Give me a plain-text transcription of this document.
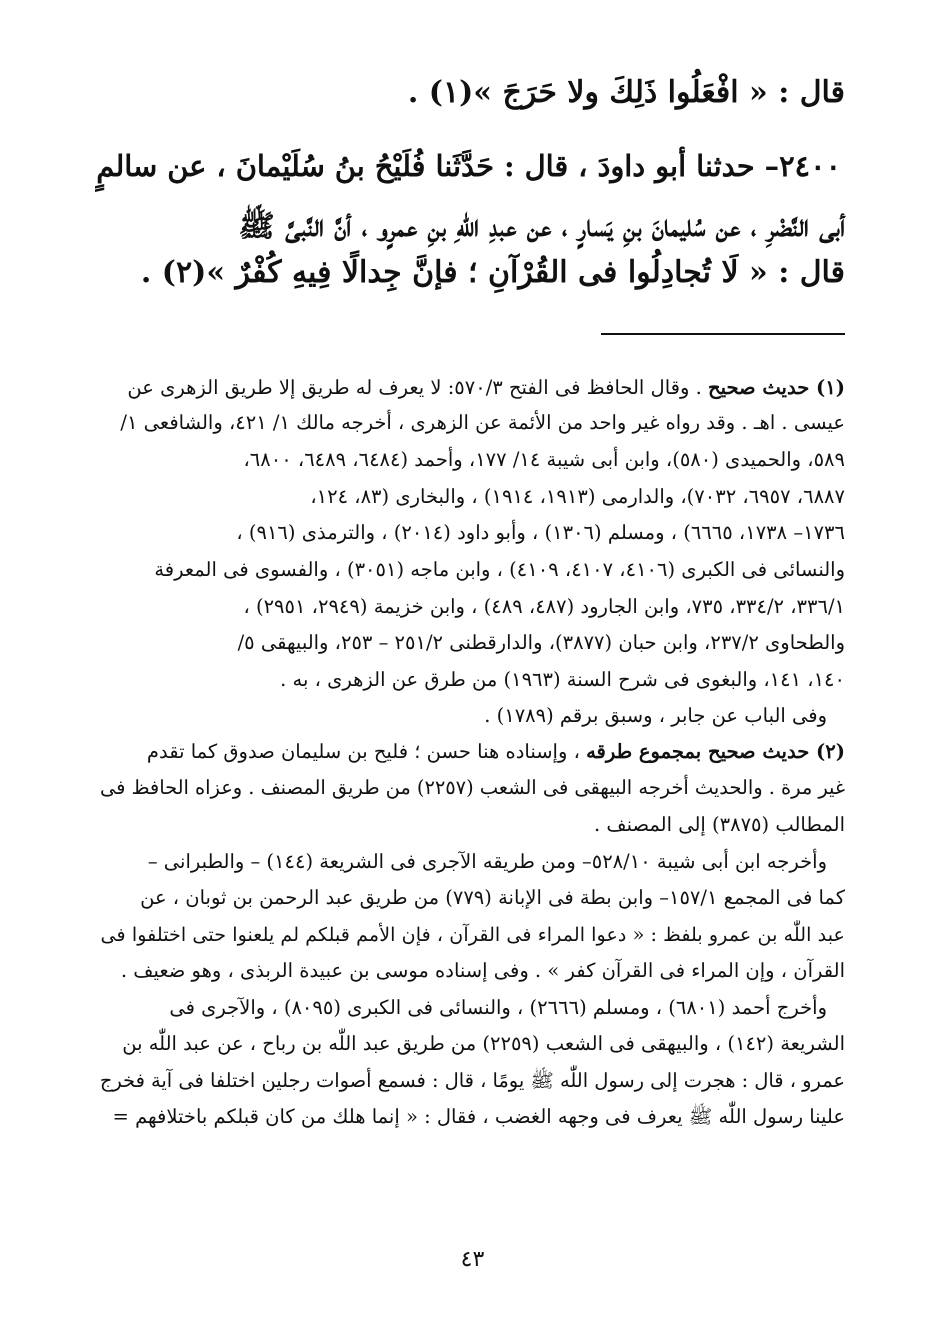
قال : « افْعَلُوا ذَلِكَ ولا حَرَجَ »(١) .
٢٤٠٠– حدثنا أبو داودَ ، قال : حَدَّثَنا فُلَيْحُ بنُ سُلَيْمانَ ، عن سالمٍ
أبى النَّضْرِ ، عن سُليمانَ بنِ يَسارٍ ، عن عبدِ اللّٰهِ بنِ عمرٍو ، أنَّ النَّبىَّ ﷺ
قال : « لَا تُجادِلُوا فى القُرْآنِ ؛ فإنَّ جِدالًا فِيهِ كُفْرٌ »(٢) .
(١) حديث صحيح . وقال الحافظ فى الفتح ٥٧٠/٣: لا يعرف له طريق إلا طريق الزهرى عن
عيسى . اهـ . وقد رواه غير واحد من الأئمة عن الزهرى ، أخرجه مالك ١/ ٤٢١، والشافعى ١/
٥٨٩، والحميدى (٥٨٠)، وابن أبى شيبة ١٤/ ١٧٧، وأحمد (٦٤٨٤، ٦٤٨٩، ٦٨٠٠،
٦٨٨٧، ٦٩٥٧، ٧٠٣٢)، والدارمى (١٩١٣، ١٩١٤) ، والبخارى (٨٣، ١٢٤،
١٧٣٦– ١٧٣٨، ٦٦٦٥) ، ومسلم (١٣٠٦) ، وأبو داود (٢٠١٤) ، والترمذى (٩١٦) ،
والنسائى فى الكبرى (٤١٠٦، ٤١٠٧، ٤١٠٩) ، وابن ماجه (٣٠٥١) ، والفسوى فى المعرفة
٣٣٦/١، ٣٣٤/٢، ٧٣٥، وابن الجارود (٤٨٧، ٤٨٩) ، وابن خزيمة (٢٩٤٩، ٢٩٥١) ،
والطحاوى ٢٣٧/٢، وابن حبان (٣٨٧٧)، والدارقطنى ٢٥١/٢ – ٢٥٣، والبيهقى ٥/
١٤٠، ١٤١، والبغوى فى شرح السنة (١٩٦٣) من طرق عن الزهرى ، به .
وفى الباب عن جابر ، وسبق برقم (١٧٨٩) .
(٢) حديث صحيح بمجموع طرقه ، وإسناده هنا حسن ؛ فليح بن سليمان صدوق كما تقدم
غير مرة . والحديث أخرجه البيهقى فى الشعب (٢٢٥٧) من طريق المصنف . وعزاه الحافظ فى
المطالب (٣٨٧٥) إلى المصنف .
وأخرجه ابن أبى شيبة ٥٢٨/١٠– ومن طريقه الآجرى فى الشريعة (١٤٤) – والطبرانى –
كما فى المجمع ١٥٧/١– وابن بطة فى الإبانة (٧٧٩) من طريق عبد الرحمن بن ثوبان ، عن
عبد اللّٰه بن عمرو بلفظ : « دعوا المراء فى القرآن ، فإن الأمم قبلكم لم يلعنوا حتى اختلفوا فى
القرآن ، وإن المراء فى القرآن كفر » . وفى إسناده موسى بن عبيدة الربذى ، وهو ضعيف .
وأخرج أحمد (٦٨٠١) ، ومسلم (٢٦٦٦) ، والنسائى فى الكبرى (٨٠٩٥) ، والآجرى فى
الشريعة (١٤٢) ، والبيهقى فى الشعب (٢٢٥٩) من طريق عبد اللّٰه بن رباح ، عن عبد اللّٰه بن
عمرو ، قال : هجرت إلى رسول اللّٰه ﷺ يومًا ، قال : فسمع أصوات رجلين اختلفا فى آية فخرج
علينا رسول اللّٰه ﷺ يعرف فى وجهه الغضب ، فقال : « إنما هلك من كان قبلكم باختلافهم =
٤٣
